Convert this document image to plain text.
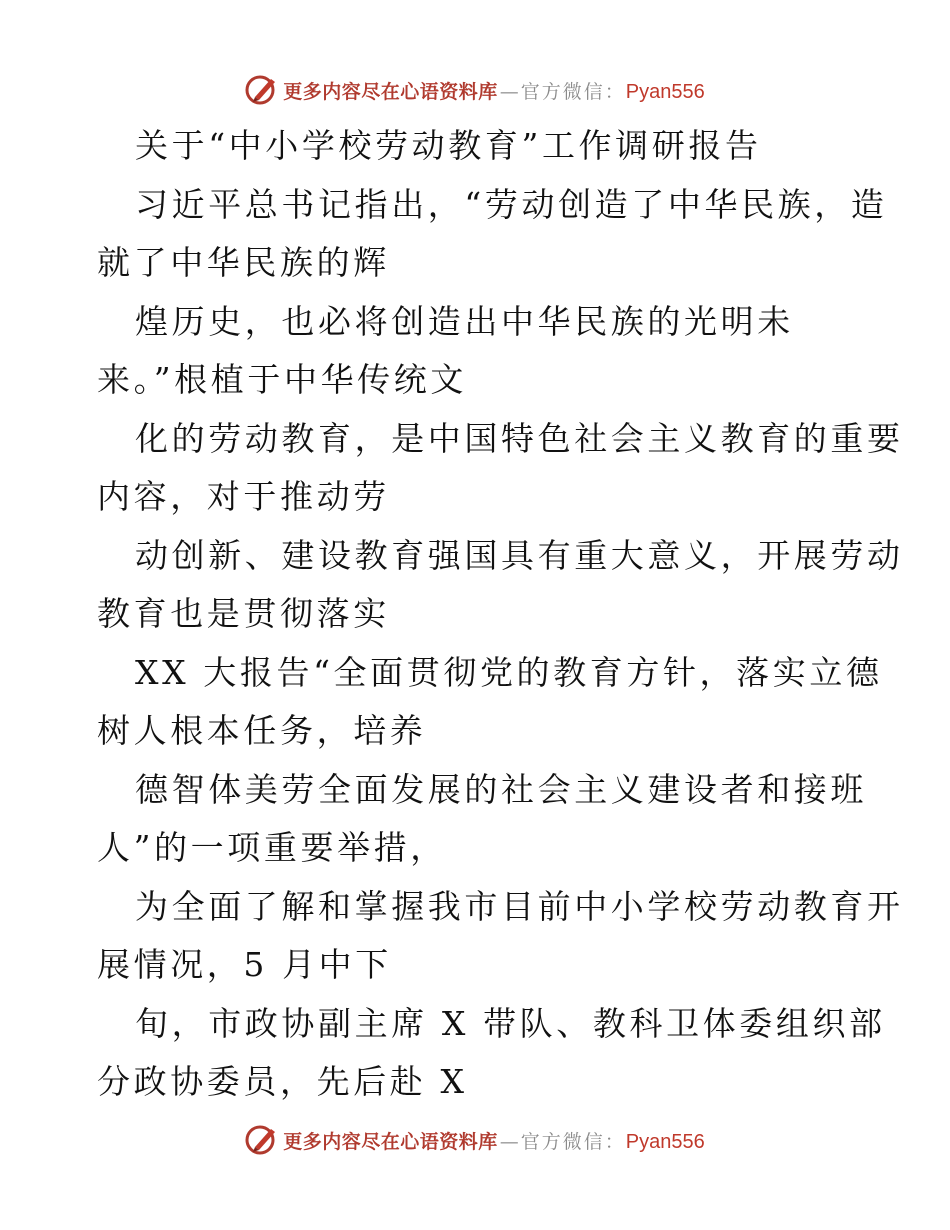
更多内容尽在心语资料库 — 官方微信： Pyan556
关于“中小学校劳动教育”工作调研报告
习近平总书记指出，“劳动创造了中华民族，造
就了中华民族的辉
煌历史，也必将创造出中华民族的光明未
来。”根植于中华传统文
化的劳动教育，是中国特色社会主义教育的重要
内容，对于推动劳
动创新、建设教育强国具有重大意义，开展劳动
教育也是贯彻落实
XX 大报告“全面贯彻党的教育方针，落实立德
树人根本任务，培养
德智体美劳全面发展的社会主义建设者和接班
人”的一项重要举措，
为全面了解和掌握我市目前中小学校劳动教育开
展情况，5 月中下
旬，市政协副主席 X 带队、教科卫体委组织部
分政协委员，先后赴 X
更多内容尽在心语资料库 — 官方微信： Pyan556
